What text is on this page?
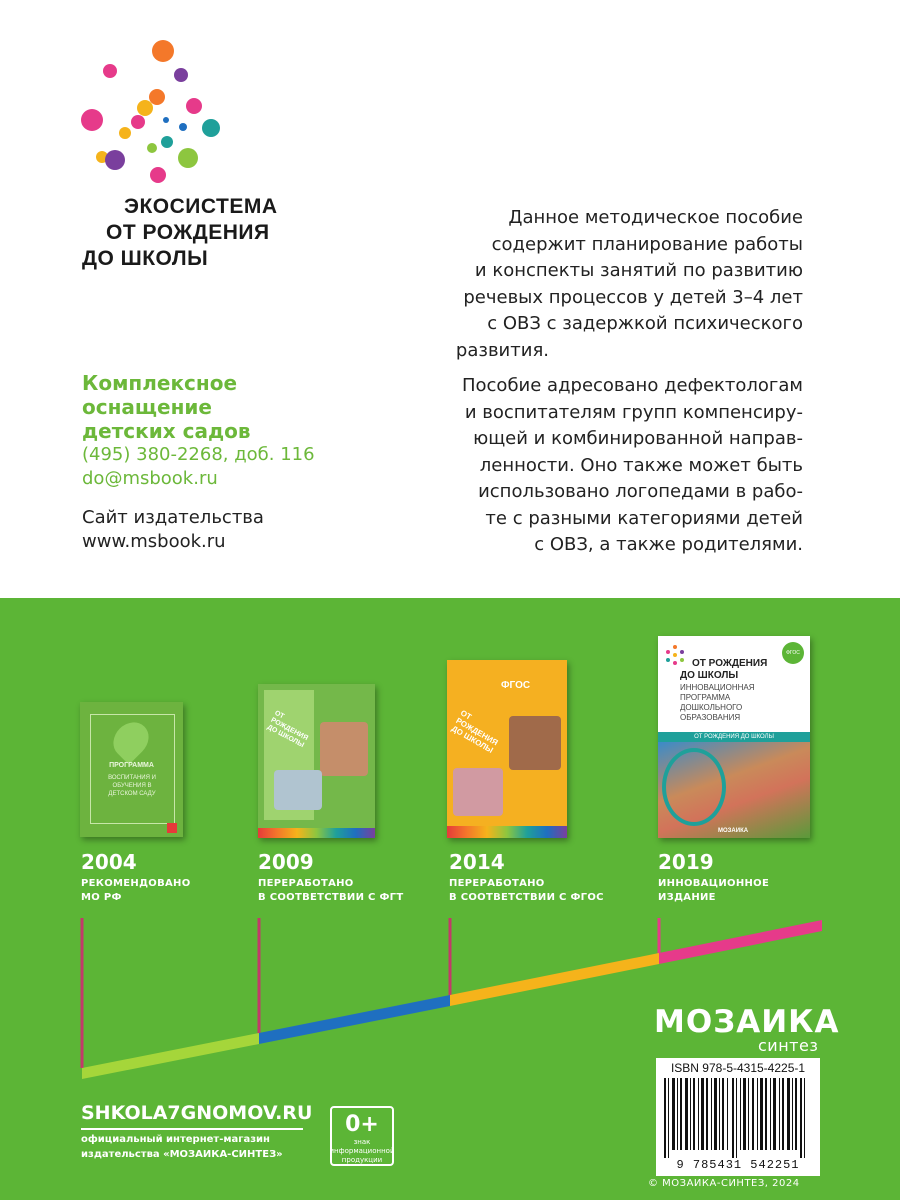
ЭКОСИСТЕМА
ОТ РОЖДЕНИЯ
ДО ШКОЛЫ
Комплексное
оснащение
детских садов
(495) 380-2268, доб. 116
do@msbook.ru
Сайт издательства
www.msbook.ru
Данное методическое пособие
содержит планирование работы
и конспекты занятий по развитию
речевых процессов у детей 3–4 лет
с ОВЗ с задержкой психического
развития.
Пособие адресовано дефектологам
и воспитателям групп компенсиру-
ющей и комбинированной направ-
ленности. Оно также может быть
использовано логопедами в рабо-
те с разными категориями детей
с ОВЗ, а также родителями.
ПРОГРАММА
ВОСПИТАНИЯ И ОБУЧЕНИЯ В ДЕТСКОМ САДУ
ОТ РОЖДЕНИЯ ДО ШКОЛЫ
ФГОС
ОТ РОЖДЕНИЯ ДО ШКОЛЫ
ФГОС
ОТ РОЖДЕНИЯ
ДО ШКОЛЫ
ИННОВАЦИОННАЯ
ПРОГРАММА
ДОШКОЛЬНОГО
ОБРАЗОВАНИЯ
ОТ РОЖДЕНИЯ ДО ШКОЛЫ
МОЗАИКА
2004
РЕКОМЕНДОВАНО
МО РФ
2009
ПЕРЕРАБОТАНО
В СООТВЕТСТВИИ С ФГТ
2014
ПЕРЕРАБОТАНО
В СООТВЕТСТВИИ С ФГОС
2019
ИННОВАЦИОННОЕ
ИЗДАНИЕ
МОЗАИКА
синтез
ISBN 978-5-4315-4225-1
9 785431 542251
© МОЗАИКА-СИНТЕЗ, 2024
SHKOLA7GNOMOV.RU
официальный интернет-магазин
издательства «МОЗАИКА-СИНТЕЗ»
0+
знак
информационной
продукции
